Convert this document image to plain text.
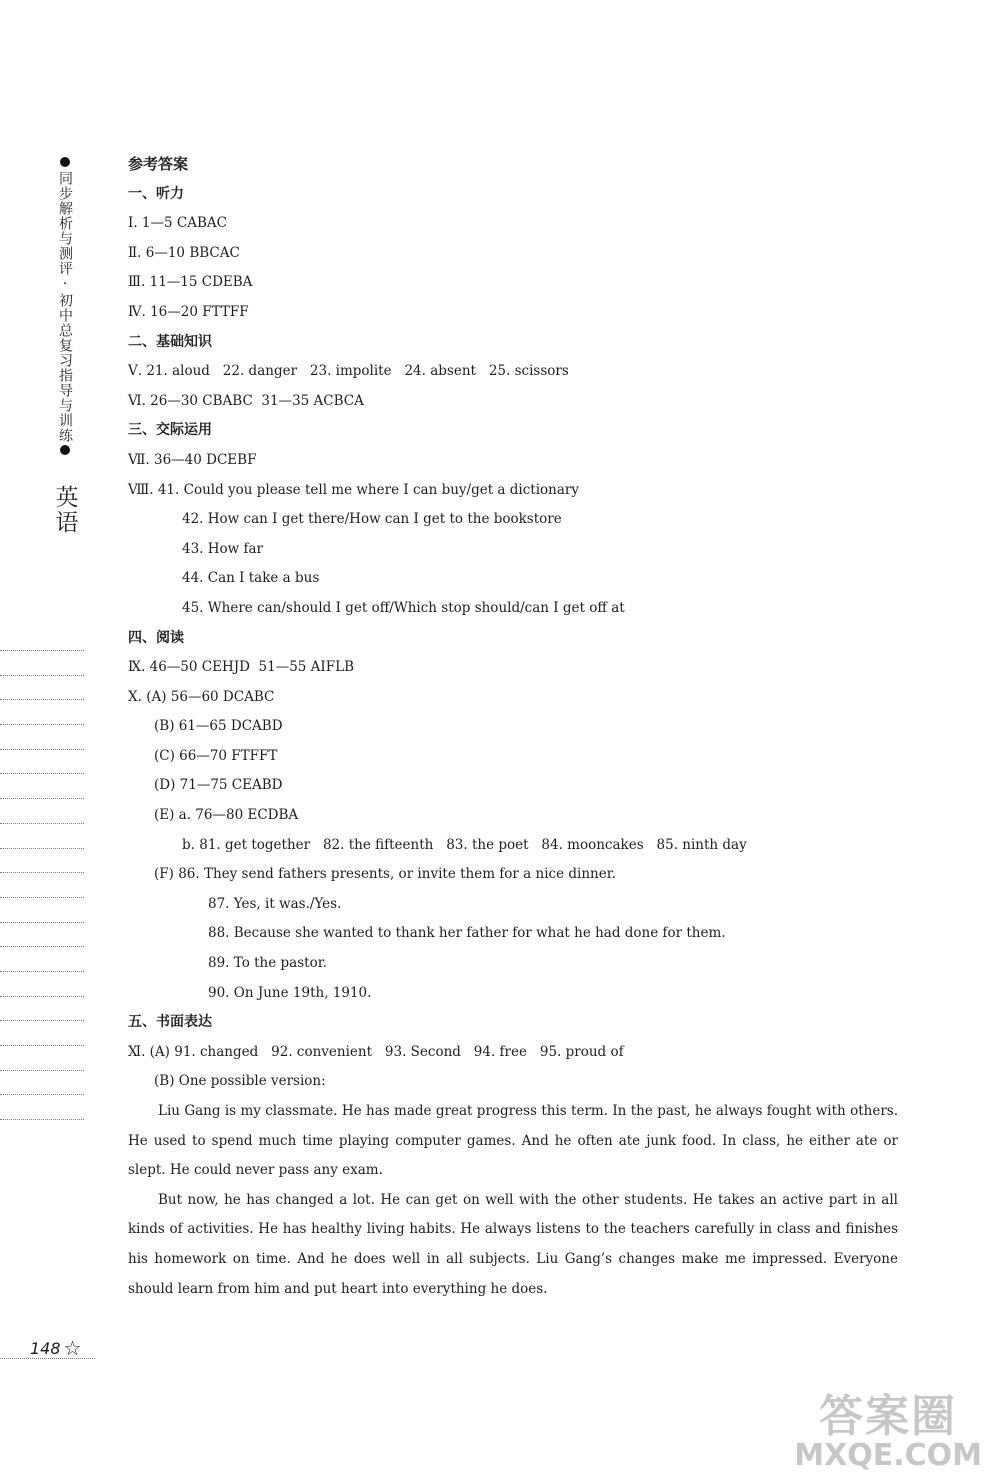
同步解析与测评·初中总复习指导与训练
英语
参考答案
一、听力
Ⅰ. 1—5 CABAC
Ⅱ. 6—10 BBCAC
Ⅲ. 11—15 CDEBA
Ⅳ. 16—20 FTTFF
二、基础知识
Ⅴ. 21. aloud   22. danger   23. impolite   24. absent   25. scissors
Ⅵ. 26—30 CBABC  31—35 ACBCA
三、交际运用
Ⅶ. 36—40 DCEBF
Ⅷ. 41. Could you please tell me where I can buy/get a dictionary
42. How can I get there/How can I get to the bookstore
43. How far
44. Can I take a bus
45. Where can/should I get off/Which stop should/can I get off at
四、阅读
Ⅸ. 46—50 CEHJD  51—55 AIFLB
Ⅹ. (A) 56—60 DCABC
(B) 61—65 DCABD
(C) 66—70 FTFFT
(D) 71—75 CEABD
(E) a. 76—80 ECDBA
b. 81. get together   82. the fifteenth   83. the poet   84. mooncakes   85. ninth day
(F) 86. They send fathers presents, or invite them for a nice dinner.
87. Yes, it was./Yes.
88. Because she wanted to thank her father for what he had done for them.
89. To the pastor.
90. On June 19th, 1910.
五、书面表达
Ⅺ. (A) 91. changed   92. convenient   93. Second   94. free   95. proud of
(B) One possible version:

Liu Gang is my classmate. He has made great progress this term. In the past, he always fought with others. He used to spend much time playing computer games. And he often ate junk food. In class, he either ate or slept. He could never pass any exam.

But now, he has changed a lot. He can get on well with the other students. He takes an active part in all kinds of activities. He has healthy living habits. He always listens to the teachers carefully in class and finishes his homework on time. And he does well in all subjects. Liu Gang’s changes make me impressed. Everyone should learn from him and put heart into everything he does.

148 ☆
答案圈
MXQE.COM
